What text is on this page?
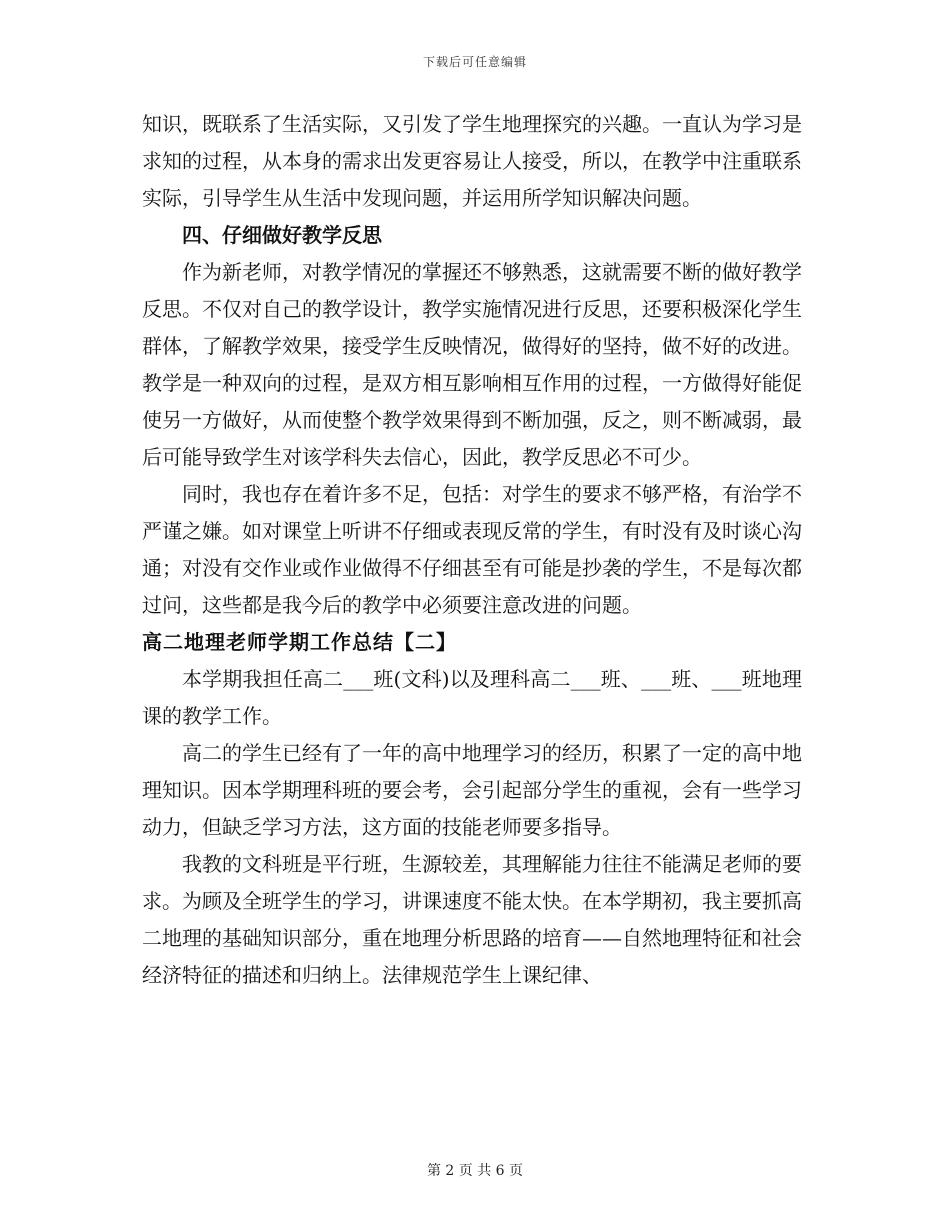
下载后可任意编辑

知识，既联系了生活实际，又引发了学生地理探究的兴趣。一直认为学习是求知的过程，从本身的需求出发更容易让人接受，所以，在教学中注重联系实际，引导学生从生活中发现问题，并运用所学知识解决问题。

四、仔细做好教学反思

作为新老师，对教学情况的掌握还不够熟悉，这就需要不断的做好教学反思。不仅对自己的教学设计，教学实施情况进行反思，还要积极深化学生群体，了解教学效果，接受学生反映情况，做得好的坚持，做不好的改进。教学是一种双向的过程，是双方相互影响相互作用的过程，一方做得好能促使另一方做好，从而使整个教学效果得到不断加强，反之，则不断减弱，最后可能导致学生对该学科失去信心，因此，教学反思必不可少。

同时，我也存在着许多不足，包括：对学生的要求不够严格，有治学不严谨之嫌。如对课堂上听讲不仔细或表现反常的学生，有时没有及时谈心沟通；对没有交作业或作业做得不仔细甚至有可能是抄袭的学生，不是每次都过问，这些都是我今后的教学中必须要注意改进的问题。

高二地理老师学期工作总结【二】

本学期我担任高二___班(文科)以及理科高二___班、___班、___班地理课的教学工作。

高二的学生已经有了一年的高中地理学习的经历，积累了一定的高中地理知识。因本学期理科班的要会考，会引起部分学生的重视，会有一些学习动力，但缺乏学习方法，这方面的技能老师要多指导。

我教的文科班是平行班，生源较差，其理解能力往往不能满足老师的要求。为顾及全班学生的学习，讲课速度不能太快。在本学期初，我主要抓高二地理的基础知识部分，重在地理分析思路的培育——自然地理特征和社会经济特征的描述和归纳上。法律规范学生上课纪律、

第 2 页 共 6 页
